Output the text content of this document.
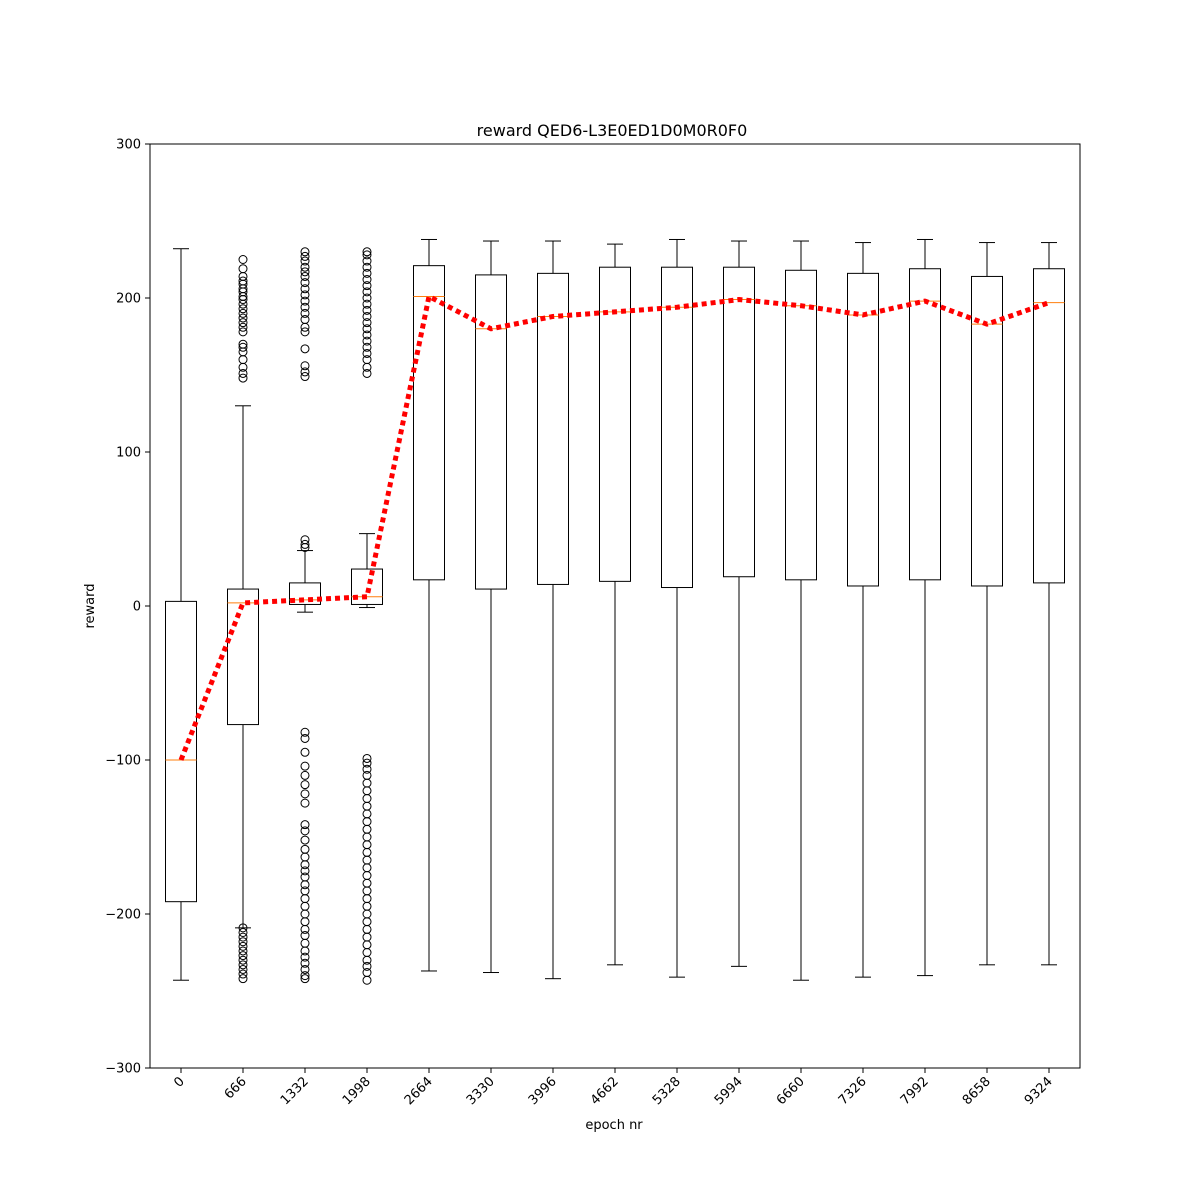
reward QED6-L3E0ED1D0M0R0F0
−300
−200
−100
0
100
200
300
0	666 1332 1998 2664 3330 3996 4662 5328 5994 6660 7326 7992 8658 9324
epoch nr
reward
